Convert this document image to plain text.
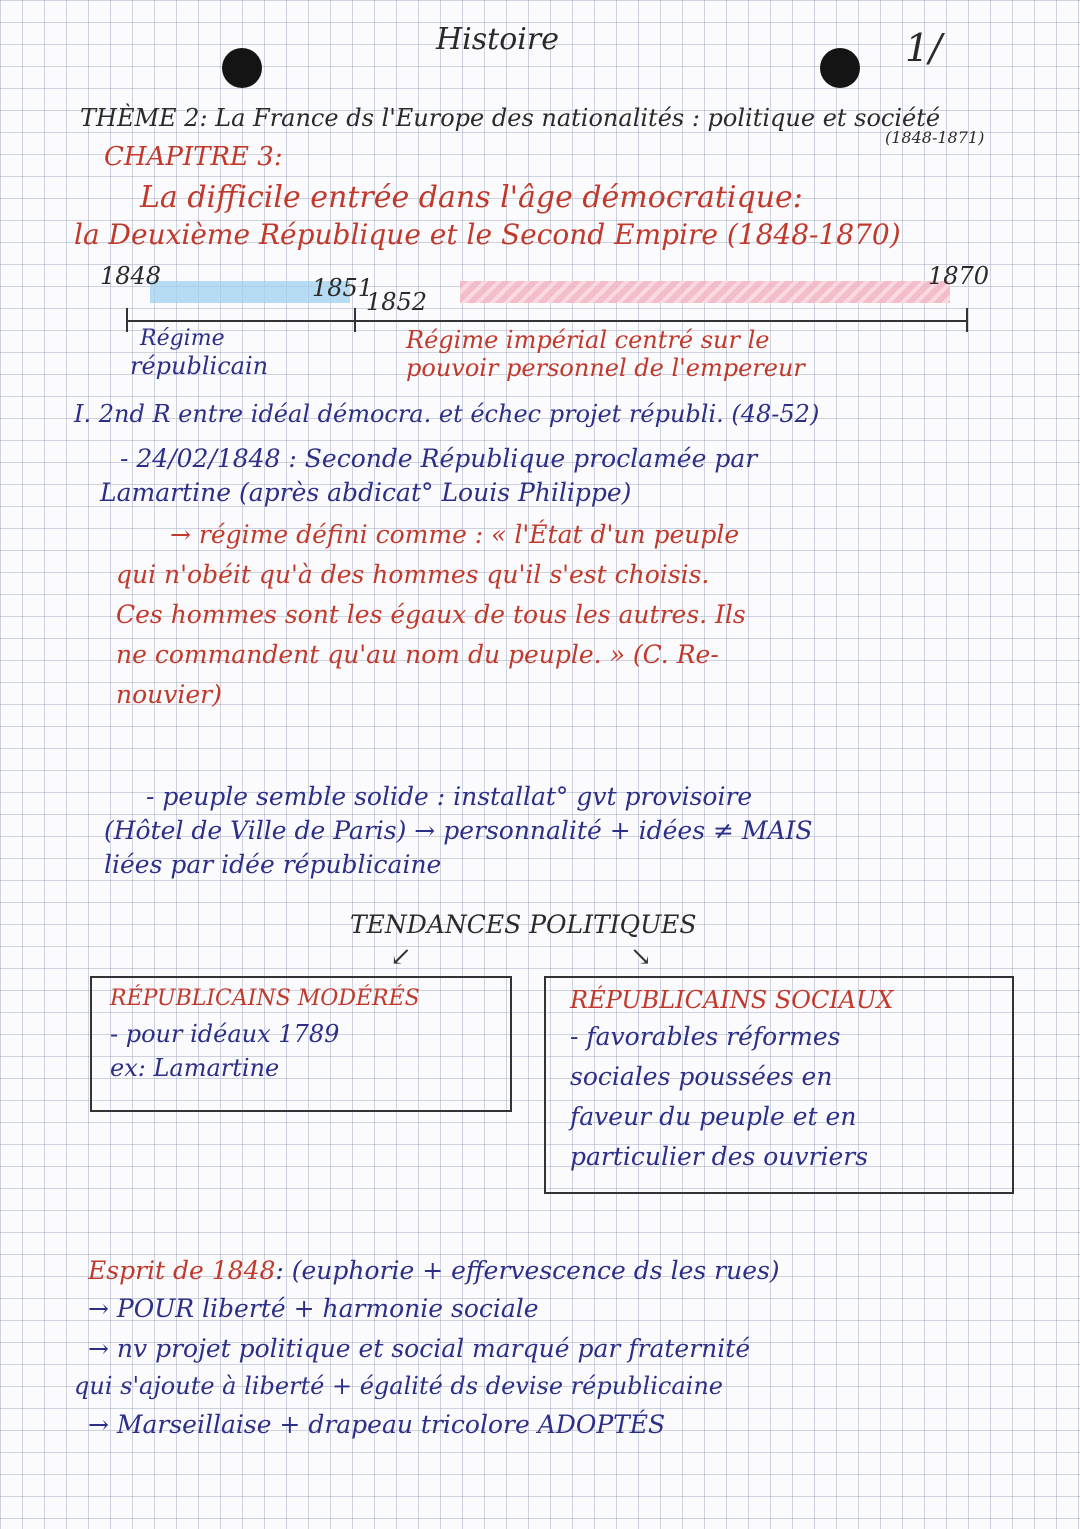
Histoire	1/
THÈME 2: La France ds l'Europe des nationalités : politique et société
(1848-1871)
CHAPITRE 3:
La difficile entrée dans l'âge démocratique:
la Deuxième République et le Second Empire (1848-1870)
1848	1851
1852
1870
Régime
républicain
Régime impérial centré sur le
pouvoir personnel de l'empereur
I. 2nd R entre idéal démocra. et échec projet républi. (48-52)
- 24/02/1848 : Seconde République proclamée par
Lamartine (après abdicat° Louis Philippe)
→ régime défini comme : « l'État d'un peuple
qui n'obéit qu'à des hommes qu'il s'est choisis.
Ces hommes sont les égaux de tous les autres. Ils
ne commandent qu'au nom du peuple. » (C. Re-
nouvier)
- peuple semble solide : installat° gvt provisoire
(Hôtel de Ville de Paris) → personnalité + idées ≠ MAIS
liées par idée républicaine
TENDANCES POLITIQUES
↙	↘
RÉPUBLICAINS MODÉRÉS
- pour idéaux 1789
ex: Lamartine
RÉPUBLICAINS SOCIAUX
- favorables réformes
sociales poussées en
faveur du peuple et en
particulier des ouvriers
Esprit de 1848: (euphorie + effervescence ds les rues)
→ POUR liberté + harmonie sociale
→ nv projet politique et social marqué par fraternité
qui s'ajoute à liberté + égalité ds devise républicaine
→ Marseillaise + drapeau tricolore ADOPTÉS
